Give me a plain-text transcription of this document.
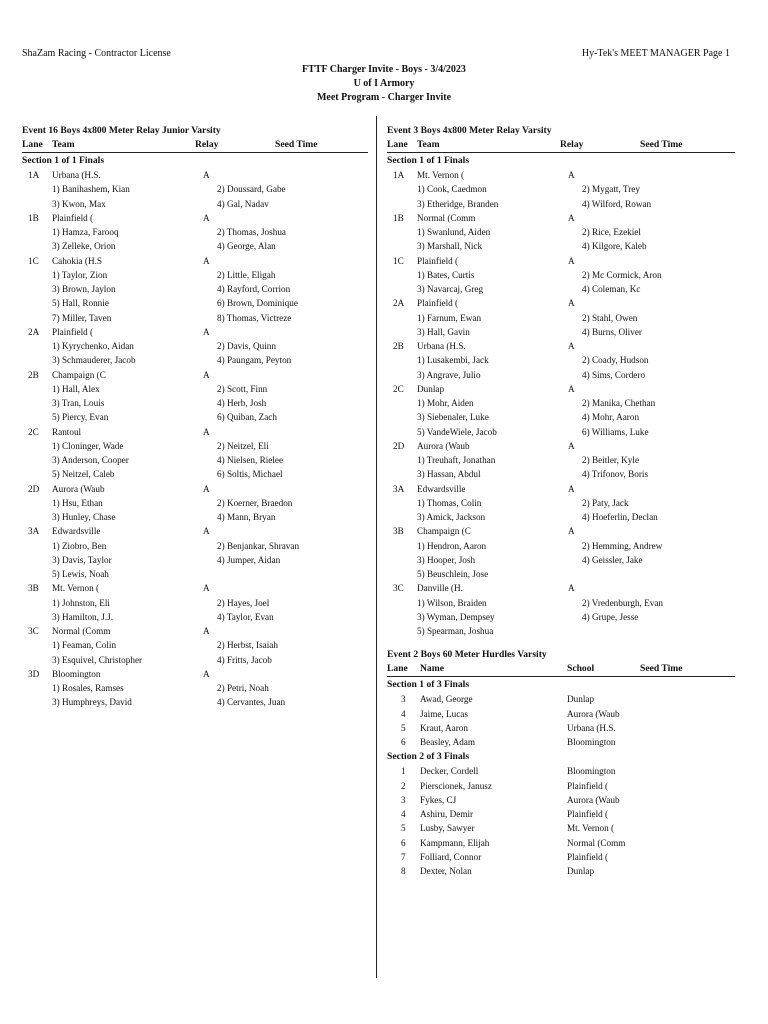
ShaZam Racing - Contractor License	Hy-Tek's MEET MANAGER Page 1
FTTF Charger Invite - Boys - 3/4/2023
U of I Armory
Meet Program - Charger Invite
Event 16 Boys 4x800 Meter Relay Junior Varsity
Lane Team	Relay	Seed Time
Section 1 of 1 Finals
1A Urbana (H.S.	A
1) Banihashem, Kian	2) Doussard, Gabe
3) Kwon, Max	4) Gal, Nadav
1B Plainfield (	A
1) Hamza, Farooq	2) Thomas, Joshua
3) Zelleke, Orion	4) George, Alan
1C Cahokia (H.S	A
1) Taylor, Zion	2) Little, Eligah
3) Brown, Jaylon	4) Rayford, Corrion
5) Hall, Ronnie	6) Brown, Dominique
7) Miller, Taven	8) Thomas, Victreze
2A Plainfield (	A
1) Kyrychenko, Aidan	2) Davis, Quinn
3) Schmauderer, Jacob	4) Paungam, Peyton
2B Champaign (C	A
1) Hall, Alex	2) Scott, Finn
3) Tran, Louis	4) Herb, Josh
5) Piercy, Evan	6) Quiban, Zach
2C Rantoul	A
1) Cloninger, Wade	2) Neitzel, Eli
3) Anderson, Cooper	4) Nielsen, Rielee
5) Neitzel, Caleb	6) Soltis, Michael
2D Aurora (Waub	A
1) Hsu, Ethan	2) Koerner, Braedon
3) Hunley, Chase	4) Mann, Bryan
3A Edwardsville	A
1) Ziobro, Ben	2) Benjankar, Shravan
3) Davis, Taylor	4) Jumper, Aidan
5) Lewis, Noah
3B Mt. Vernon (	A
1) Johnston, Eli	2) Hayes, Joel
3) Hamilton, J.J.	4) Taylor, Evan
3C Normal (Comm	A
1) Feaman, Colin	2) Herbst, Isaiah
3) Esquivel, Christopher	4) Fritts, Jacob
3D Bloomington	A
1) Rosales, Ramses	2) Petri, Noah
3) Humphreys, David	4) Cervantes, Juan
Event 3 Boys 4x800 Meter Relay Varsity
Lane Team	Relay	Seed Time
Section 1 of 1 Finals
1A Mt. Vernon (	A
1) Cook, Caedmon	2) Mygatt, Trey
3) Etheridge, Branden	4) Wilford, Rowan
1B Normal (Comm	A
1) Swanlund, Aiden	2) Rice, Ezekiel
3) Marshall, Nick	4) Kilgore, Kaleb
1C Plainfield (	A
1) Bates, Curtis	2) Mc Cormick, Aron
3) Navarcaj, Greg	4) Coleman, Kc
2A Plainfield (	A
1) Farnum, Ewan	2) Stahl, Owen
3) Hall, Gavin	4) Burns, Oliver
2B Urbana (H.S.	A
1) Lusakembi, Jack	2) Coady, Hudson
3) Angrave, Julio	4) Sims, Cordero
2C Dunlap	A
1) Mohr, Aiden	2) Manika, Chethan
3) Siebenaler, Luke	4) Mohr, Aaron
5) VandeWiele, Jacob	6) Williams, Luke
2D Aurora (Waub	A
1) Treuhaft, Jonathan	2) Beitler, Kyle
3) Hassan, Abdul	4) Trifonov, Boris
3A Edwardsville	A
1) Thomas, Colin	2) Paty, Jack
3) Amick, Jackson	4) Hoeferlin, Declan
3B Champaign (C	A
1) Hendron, Aaron	2) Hemming, Andrew
3) Hooper, Josh	4) Geissler, Jake
5) Beuschlein, Jose
3C Danville (H.	A
1) Wilson, Braiden	2) Vredenburgh, Evan
3) Wyman, Dempsey	4) Grupe, Jesse
5) Spearman, Joshua
Event 2 Boys 60 Meter Hurdles Varsity
Lane Name	School	Seed Time
Section 1 of 3 Finals
3 Awad, George	Dunlap
4 Jaime, Lucas	Aurora (Waub
5 Kraut, Aaron	Urbana (H.S.
6 Beasley, Adam	Bloomington
Section 2 of 3 Finals
1 Decker, Cordell	Bloomington
2 Pierscionek, Janusz	Plainfield (
3 Fykes, CJ	Aurora (Waub
4 Ashiru, Demir	Plainfield (
5 Lusby, Sawyer	Mt. Vernon (
6 Kampmann, Elijah	Normal (Comm
7 Folliard, Connor	Plainfield (
8 Dexter, Nolan	Dunlap
